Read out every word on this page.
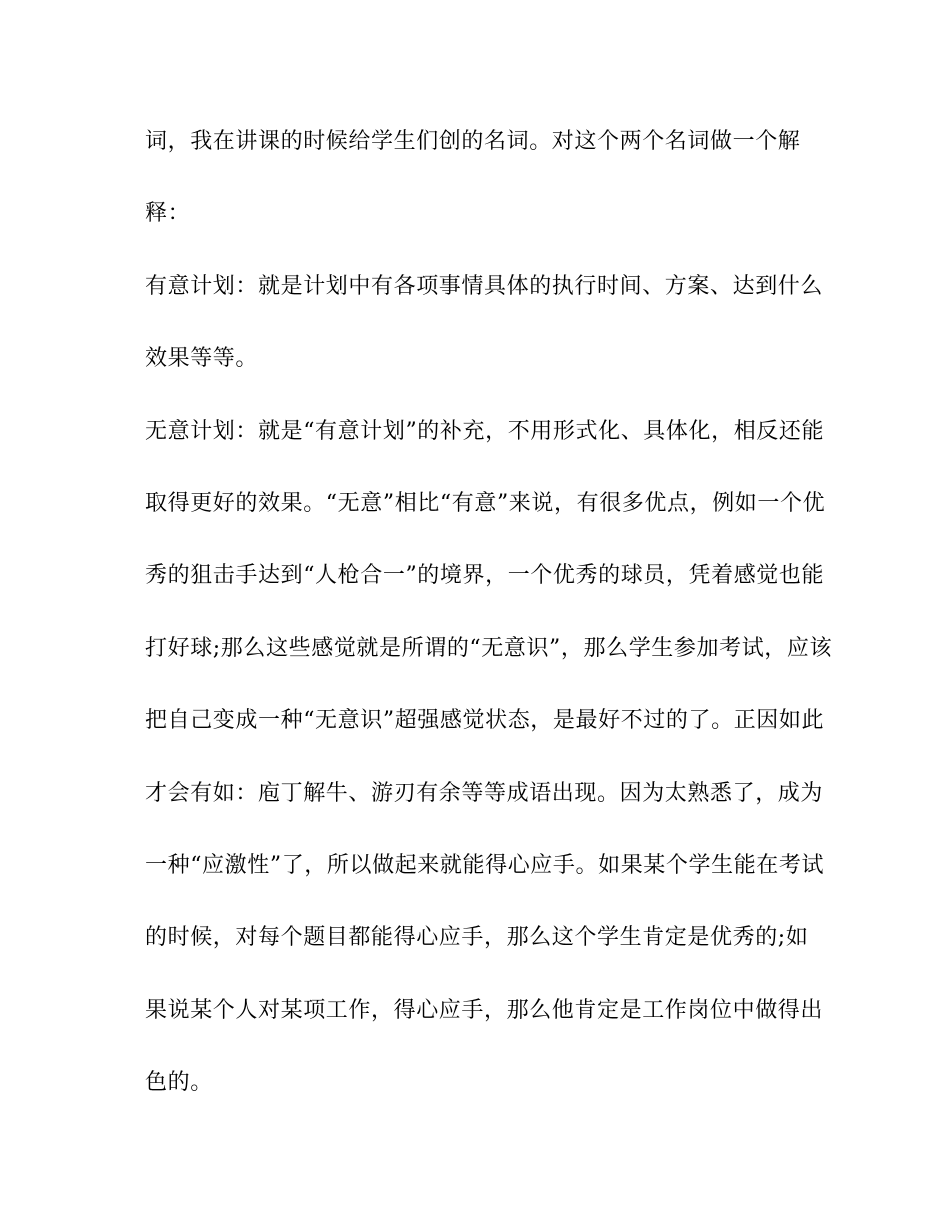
词，我在讲课的时候给学生们创的名词。对这个两个名词做一个解
释：
有意计划：就是计划中有各项事情具体的执行时间、方案、达到什么
效果等等。
无意计划：就是“有意计划”的补充，不用形式化、具体化，相反还能
取得更好的效果。“无意”相比“有意”来说，有很多优点，例如一个优
秀的狙击手达到“人枪合一”的境界，一个优秀的球员，凭着感觉也能
打好球;那么这些感觉就是所谓的“无意识”，那么学生参加考试，应该
把自己变成一种“无意识”超强感觉状态，是最好不过的了。正因如此
才会有如：庖丁解牛、游刃有余等等成语出现。因为太熟悉了，成为
一种“应激性”了，所以做起来就能得心应手。如果某个学生能在考试
的时候，对每个题目都能得心应手，那么这个学生肯定是优秀的;如
果说某个人对某项工作，得心应手，那么他肯定是工作岗位中做得出
色的。
